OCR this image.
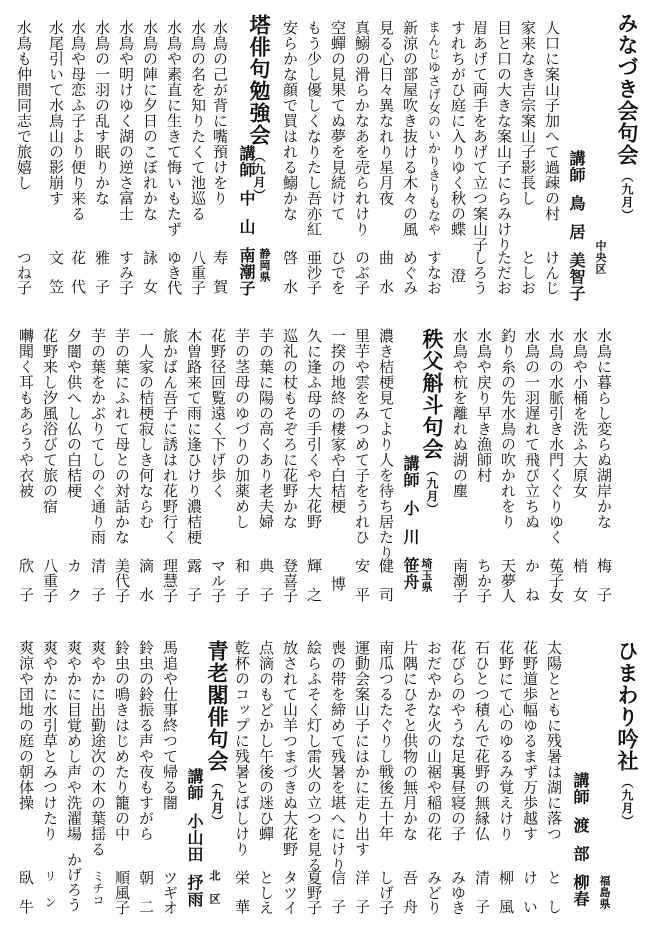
みなづき会句会（九月）
中央区
講師鳥居美智子
人口に案山子加へて過疎の村
けんじ
家来なき吉宗案山子影長し
としお
目と口の大きな案山子にらみけり
ただお
眉あげて両手をあげて立つ案山子
しろう
すれちがひ庭に入りゆく秋の蝶
澄
まんじゆさげ女のいかりきりもなや
すなお
新涼の部屋吹き抜ける木々の風
めぐみ
見る心日々異なれり星月夜
曲水
真鰯の滑らかなあを売られけり
のぶ子
空蟬の見果てぬ夢を見続けて
ひでを
もう少し優しくなりたし吾亦紅
亜沙子
安らかな顔で買はれる鰯かな
啓水
塔俳句勉強会（九月）
静岡県
講師中山南潮子
水鳥の己が背に嘴預けをり
寿賀
水鳥の名を知りたくて池巡る
八重子
水鳥や素直に生きて悔いもたず
ゆき代
水鳥の陣に夕日のこぼれかな
詠女
水鳥や明けゆく湖の逆さ富士
すみ子
水鳥の一羽の乱す眠りかな
雅子
水鳥や母恋ふ子より便り来る
花代
水尾引いて水鳥山の影崩す
文笠
水鳥も仲間同志で旅嬉し
つね子
水鳥に暮らし変らぬ湖岸かな
梅子
水鳥や小桶を洗ふ大原女
梢女
水鳥の水脈引き水門くぐりゆく
菟子女
水鳥の一羽遅れて飛び立ちぬ
かね
釣り糸の先水鳥の吹かれをり
天夢人
水鳥や戻り早き漁師村
ちか子
水鳥や杭を離れぬ湖の塵
南潮子
秩父斛斗句会（九月）
埼玉県
講師小川笹舟
濃き桔梗見てより人を待ち居たり
健司
里芋や雲をみつめて子をうれひ
安平
一揆の地終の棲家や白桔梗
博
久に逢ふ母の手引くや大花野
輝之
巡礼の杖もそぞろに花野かな
登喜子
芋の葉に陽の高くあり老夫婦
典子
芋の茎母のゆづりの加薬めし
和子
花野径回覧遠く下げ歩く
マル子
木曽路来て雨に逢ひけり濃桔梗
露子
旅かばん吾子に誘はれ花野行く
理慧子
一人家の桔梗寂しき何ならむ
滴水
芋の葉にふれて母との対話かな
美代子
芋の葉をかぶりてしのぐ通り雨
清子
夕闇や供へし仏の白桔梗
カク
花野来し汐風浴びて旅の宿
八重子
囀聞く耳もあらうや衣被
欣子
ひまわり吟社（九月）
福島県
講師渡部柳春
太陽とともに残暑は湖に落つ
とし
花野道歩幅ゆるまず万歩越す
けい
花野にて心のゆるみ覚えけり
柳風
石ひとつ積んで花野の無縁仏
清子
花びらのやうな足裏昼寝の子
みゆき
おだやかな火の山裾や稲の花
みどり
片隅にひそと供物の無月かな
吾舟
南瓜つるたぐりし戦後五十年
しげ子
運動会案山子にはかに走り出す
洋子
喪の帯を締めて残暑を堪へにけり
信子
絵らふそく灯し雷火の立つを見る
夏野子
放されて山羊つまづきぬ大花野
タツイ
点滴のもどかし午後の迷ひ蟬
としえ
乾杯のコップに残暑とばしけり
栄華
青老閣俳句会（九月）
北区
講師小山田抒雨
馬追や仕事終つて帰る闇
ツギオ
鈴虫の鈴振る声や夜もすがら
朝二
鈴虫の鳴きはじめたり籠の中
順風子
爽やかに出勤途次の木の葉揺る
ミチコ
爽やかに目覚めし声や洗濯場
かげろう
爽やかに水引草とみつけたり
リン
爽涼や団地の庭の朝体操
臥牛
